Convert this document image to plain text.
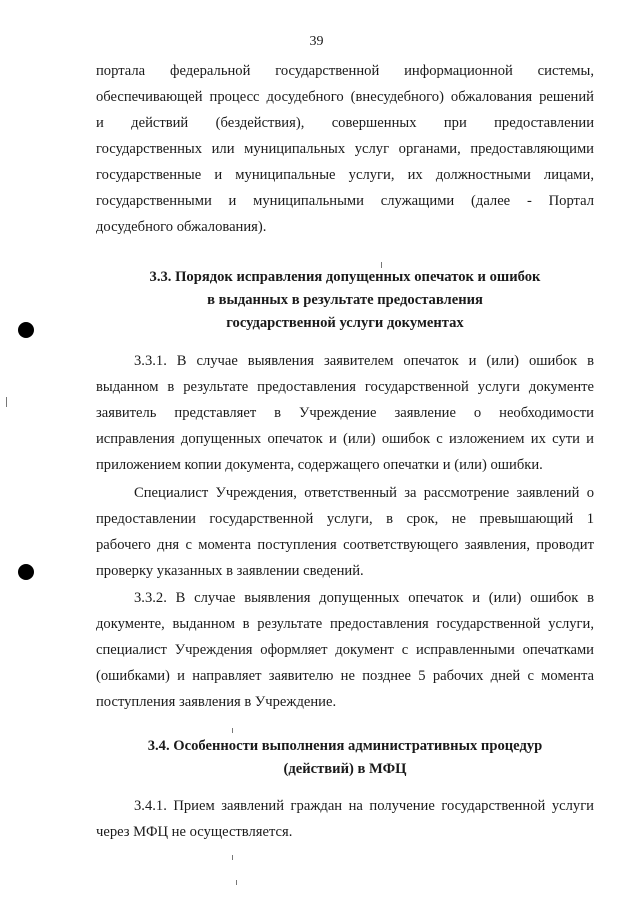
39
портала федеральной государственной информационной системы,
обеспечивающей процесс досудебного (внесудебного) обжалования решений
и действий (бездействия), совершенных при предоставлении
государственных или муниципальных услуг органами, предоставляющими
государственные и муниципальные услуги, их должностными лицами,
государственными и муниципальными служащими (далее - Портал
досудебного обжалования).
3.3. Порядок исправления допущенных опечаток и ошибок
в выданных в результате предоставления
государственной услуги документах
3.3.1. В случае выявления заявителем опечаток и (или) ошибок в
выданном в результате предоставления государственной услуги документе
заявитель представляет в Учреждение заявление о необходимости
исправления допущенных опечаток и (или) ошибок с изложением их сути и
приложением копии документа, содержащего опечатки и (или) ошибки.
Специалист Учреждения, ответственный за рассмотрение заявлений о
предоставлении государственной услуги, в срок, не превышающий 1
рабочего дня с момента поступления соответствующего заявления, проводит
проверку указанных в заявлении сведений.
3.3.2. В случае выявления допущенных опечаток и (или) ошибок в
документе, выданном в результате предоставления государственной услуги,
специалист Учреждения оформляет документ с исправленными опечатками
(ошибками) и направляет заявителю не позднее 5 рабочих дней с момента
поступления заявления в Учреждение.
3.4. Особенности выполнения административных процедур
(действий) в МФЦ
3.4.1. Прием заявлений граждан на получение государственной услуги
через МФЦ не осуществляется.
